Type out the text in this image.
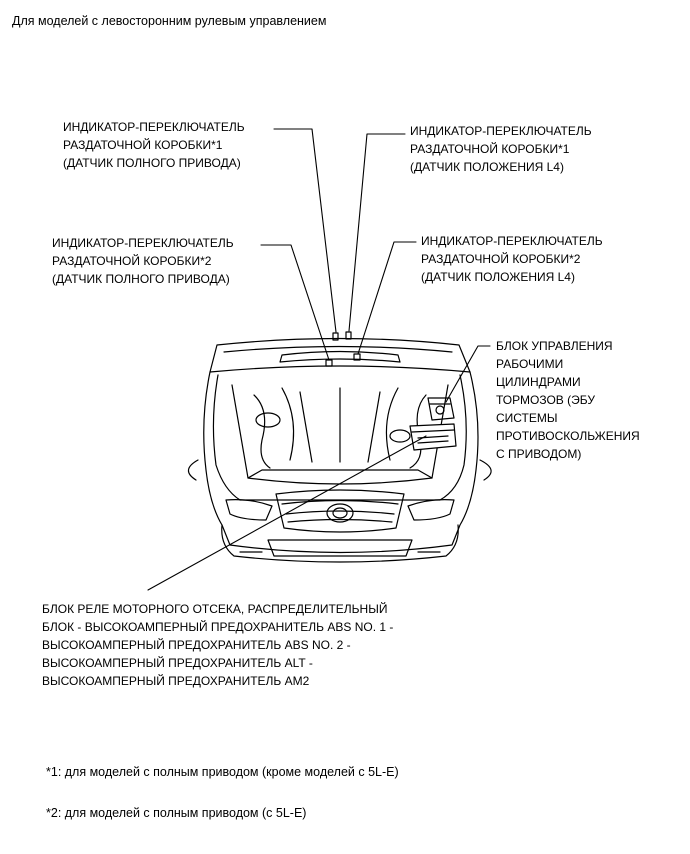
Для моделей с левосторонним рулевым управлением
ИНДИКАТОР-ПЕРЕКЛЮЧАТЕЛЬ
РАЗДАТОЧНОЙ КОРОБКИ*1
(ДАТЧИК ПОЛНОГО ПРИВОДА)
ИНДИКАТОР-ПЕРЕКЛЮЧАТЕЛЬ
РАЗДАТОЧНОЙ КОРОБКИ*1
(ДАТЧИК ПОЛОЖЕНИЯ L4)
ИНДИКАТОР-ПЕРЕКЛЮЧАТЕЛЬ
РАЗДАТОЧНОЙ КОРОБКИ*2
(ДАТЧИК ПОЛНОГО ПРИВОДА)
ИНДИКАТОР-ПЕРЕКЛЮЧАТЕЛЬ
РАЗДАТОЧНОЙ КОРОБКИ*2
(ДАТЧИК ПОЛОЖЕНИЯ L4)
БЛОК УПРАВЛЕНИЯ
РАБОЧИМИ
ЦИЛИНДРАМИ
ТОРМОЗОВ (ЭБУ
СИСТЕМЫ
ПРОТИВОСКОЛЬЖЕНИЯ
С ПРИВОДОМ)
БЛОК РЕЛЕ МОТОРНОГО ОТСЕКА, РАСПРЕДЕЛИТЕЛЬНЫЙ
БЛОК - ВЫСОКОАМПЕРНЫЙ ПРЕДОХРАНИТЕЛЬ ABS NO. 1 -
ВЫСОКОАМПЕРНЫЙ ПРЕДОХРАНИТЕЛЬ ABS NO. 2 -
ВЫСОКОАМПЕРНЫЙ ПРЕДОХРАНИТЕЛЬ ALT -
ВЫСОКОАМПЕРНЫЙ ПРЕДОХРАНИТЕЛЬ AM2
*1: для моделей с полным приводом (кроме моделей с 5L-E)
*2: для моделей с полным приводом (с 5L-E)
